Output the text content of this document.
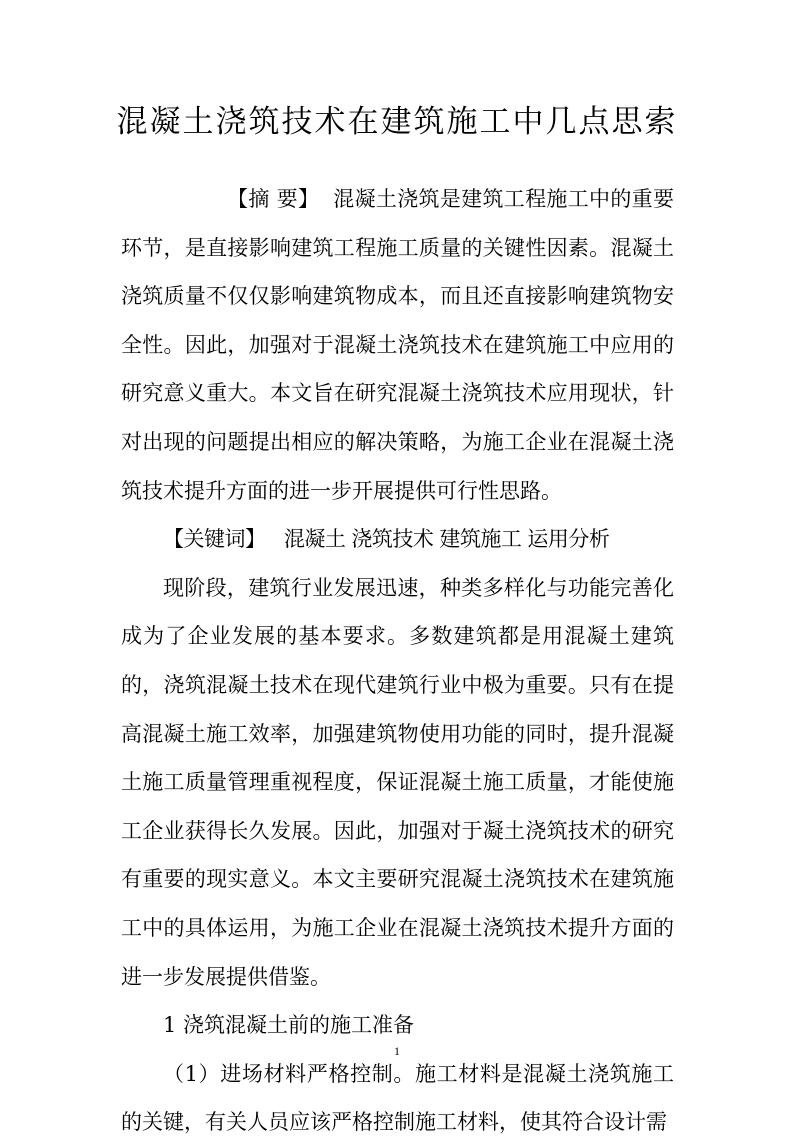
混凝土浇筑技术在建筑施工中几点思索

【摘 要】 混凝土浇筑是建筑工程施工中的重要环节，是直接影响建筑工程施工质量的关键性因素。混凝土浇筑质量不仅仅影响建筑物成本，而且还直接影响建筑物安全性。因此，加强对于混凝土浇筑技术在建筑施工中应用的研究意义重大。本文旨在研究混凝土浇筑技术应用现状，针对出现的问题提出相应的解决策略，为施工企业在混凝土浇筑技术提升方面的进一步开展提供可行性思路。

【关键词】 混凝土 浇筑技术 建筑施工 运用分析

现阶段，建筑行业发展迅速，种类多样化与功能完善化成为了企业发展的基本要求。多数建筑都是用混凝土建筑的，浇筑混凝土技术在现代建筑行业中极为重要。只有在提高混凝土施工效率，加强建筑物使用功能的同时，提升混凝土施工质量管理重视程度，保证混凝土施工质量，才能使施工企业获得长久发展。因此，加强对于凝土浇筑技术的研究有重要的现实意义。本文主要研究混凝土浇筑技术在建筑施工中的具体运用，为施工企业在混凝土浇筑技术提升方面的进一步发展提供借鉴。

1 浇筑混凝土前的施工准备

（1）进场材料严格控制。施工材料是混凝土浇筑施工的关键，有关人员应该严格控制施工材料，使其符合设计需

1
